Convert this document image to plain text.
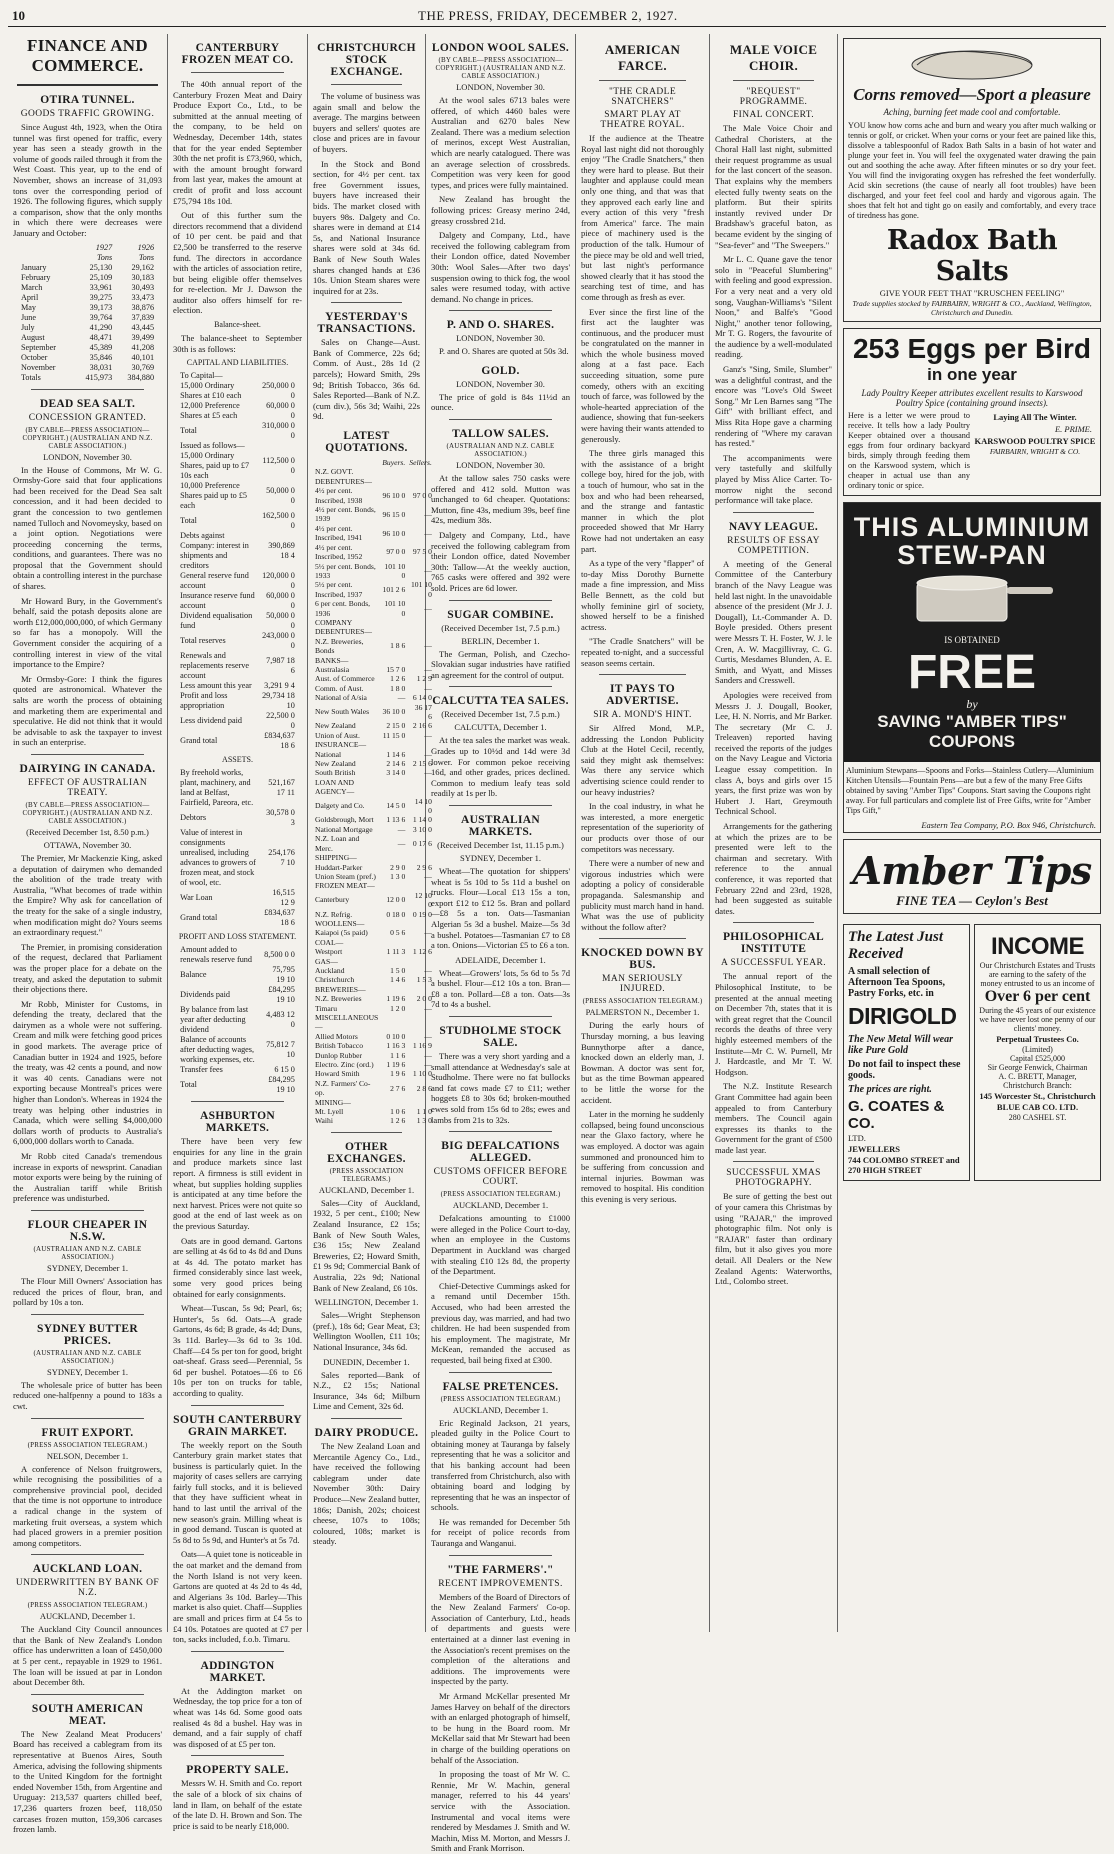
10	THE PRESS, FRIDAY, DECEMBER 2, 1927.
FINANCE AND COMMERCE.
OTIRA TUNNEL.
GOODS TRAFFIC GROWING.

Since August 4th, 1923, when the Otira tunnel was first opened for traffic, every year has seen a steady growth in the volume of goods railed through it from the West Coast. This year, up to the end of November, shows an increase of 31,093 tons over the corresponding period of 1926. The following figures, which supply a comparison, show that the only months in which there were decreases were January and October:

	1927	1926
	Tons	Tons
January	25,130	29,162
February	25,109	30,183
March	33,961	30,493
April	39,275	33,473
May	39,173	38,876
June	39,764	37,839
July	41,290	43,445
August	48,471	39,499
September	45,389	41,208
October	35,846	40,101
November	38,031	30,769
Totals	415,973	384,880
DEAD SEA SALT.
CONCESSION GRANTED.
(BY CABLE—PRESS ASSOCIATION—COPYRIGHT.) (AUSTRALIAN AND N.Z. CABLE ASSOCIATION.)
LONDON, November 30.

In the House of Commons, Mr W. G. Ormsby-Gore said that four applications had been received for the Dead Sea salt concession, and it had been decided to grant the concession to two gentlemen named Tulloch and Novomeysky, based on a joint option. Negotiations were proceeding concerning the terms, conditions, and guarantees. There was no proposal that the Government should obtain a controlling interest in the purchase of shares.

Mr Howard Bury, in the Government's behalf, said the potash deposits alone are worth £12,000,000,000, of which Germany so far has a monopoly. Will the Government consider the acquiring of a controlling interest in view of the vital importance to the Empire?

Mr Ormsby-Gore: I think the figures quoted are astronomical. Whatever the salts are worth the process of obtaining and marketing them are experimental and speculative. He did not think that it would be advisable to ask the taxpayer to invest in such an enterprise.

DAIRYING IN CANADA.
EFFECT OF AUSTRALIAN TREATY.
(BY CABLE—PRESS ASSOCIATION—COPYRIGHT.) (AUSTRALIAN AND N.Z. CABLE ASSOCIATION.)
(Received December 1st, 8.50 p.m.)
OTTAWA, November 30.

The Premier, Mr Mackenzie King, asked a deputation of dairymen who demanded the abolition of the trade treaty with Australia, "What becomes of trade within the Empire? Why ask for cancellation of the treaty for the sake of a single industry, when modification might do? Yours seems an extraordinary request."

The Premier, in promising consideration of the request, declared that Parliament was the proper place for a debate on the treaty, and asked the deputation to submit their objections there.

Mr Robb, Minister for Customs, in defending the treaty, declared that the dairymen as a whole were not suffering. Cream and milk were fetching good prices in good markets. The average price of Canadian butter in 1924 and 1925, before the treaty, was 42 cents a pound, and now it was 40 cents. Canadians were not exporting because Montreal's prices were higher than London's. Whereas in 1924 the treaty was helping other industries in Canada, which were selling $4,000,000 dollars worth of products to Australia's 6,000,000 dollars worth to Canada.

Mr Robb cited Canada's tremendous increase in exports of newsprint. Canadian motor exports were being by the ruining of the Australian tariff while British preference was undisturbed.

FLOUR CHEAPER IN N.S.W.
(AUSTRALIAN AND N.Z. CABLE ASSOCIATION.)
SYDNEY, December 1.

The Flour Mill Owners' Association has reduced the prices of flour, bran, and pollard by 10s a ton.

SYDNEY BUTTER PRICES.
(AUSTRALIAN AND N.Z. CABLE ASSOCIATION.)
SYDNEY, December 1.

The wholesale price of butter has been reduced one-halfpenny a pound to 183s a cwt.

FRUIT EXPORT.
(PRESS ASSOCIATION TELEGRAM.)
NELSON, December 1.

A conference of Nelson fruitgrowers, while recognising the possibilities of a comprehensive provincial pool, decided that the time is not opportune to introduce a radical change in the system of marketing fruit overseas, a system which had placed growers in a premier position among competitors.

AUCKLAND LOAN.
UNDERWRITTEN BY BANK OF N.Z.
(PRESS ASSOCIATION TELEGRAM.)
AUCKLAND, December 1.

The Auckland City Council announces that the Bank of New Zealand's London office has underwritten a loan of £450,000 at 5 per cent., repayable in 1929 to 1961. The loan will be issued at par in London about December 8th.

SOUTH AMERICAN MEAT.

The New Zealand Meat Producers' Board has received a cablegram from its representative at Buenos Aires, South America, advising the following shipments to the United Kingdom for the fortnight ended November 15th, from Argentine and Uruguay: 213,537 quarters chilled beef, 17,236 quarters frozen beef, 118,050 carcases frozen mutton, 159,306 carcases frozen lamb.

CANTERBURY FROZEN MEAT CO.

The 40th annual report of the Canterbury Frozen Meat and Dairy Produce Export Co., Ltd., to be submitted at the annual meeting of the company, to be held on Wednesday, December 14th, states that for the year ended September 30th the net profit is £73,960, which, with the amount brought forward from last year, makes the amount at credit of profit and loss account £75,794 18s 10d.

Out of this further sum the directors recommend that a dividend of 10 per cent. be paid and that £2,500 be transferred to the reserve fund. The directors in accordance with the articles of association retire, but being eligible offer themselves for re-election. Mr J. Dawson the auditor also offers himself for re-election.

Balance-sheet.

The balance-sheet to September 30th is as follows:

CAPITAL AND LIABILITIES.
To Capital—	
15,000 Ordinary Shares at £10 each	250,000 0 0
12,000 Preference Shares at £5 each	60,000 0 0
Total	310,000 0 0
Issued as follows—	
15,000 Ordinary Shares, paid up to £7 10s each	112,500 0 0
10,000 Preference Shares paid up to £5 each	50,000 0 0
Total	162,500 0 0
Debts against Company: interest in shipments and creditors	390,869 18 4
General reserve fund account	120,000 0 0
Insurance reserve fund account	60,000 0 0
Dividend equalisation fund	50,000 0 0
Total reserves	243,000 0 0
Renewals and replacements reserve account	7,987 18 6
Less amount this year	3,291 9 4
Profit and loss appropriation	29,734 18 10
Less dividend paid	22,500 0 0
Grand total	£834,637 18 6
ASSETS.
By freehold works, plant, machinery, and land at Belfast, Fairfield, Pareora, etc.	521,167 17 11
Debtors	30,578 0 3
Value of interest in consignments unrealised, including advances to growers of frozen meat, and stock of wool, etc.	254,176 7 10
War Loan	16,515 12 9
Grand total	£834,637 18 6
PROFIT AND LOSS STATEMENT.
Amount added to renewals reserve fund	8,500 0 0
Balance	75,795 19 10
Dividends paid	£84,295 19 10
By balance from last year after deducting dividend	4,483 12 0
Balance of accounts after deducting wages, working expenses, etc.	75,812 7 10
Transfer fees	6 15 0
Total	£84,295 19 10
ASHBURTON MARKETS.

There have been very few enquiries for any line in the grain and produce markets since last report. A firmness is still evident in wheat, but supplies holding supplies is anticipated at any time before the next harvest. Prices were not quite so good at the end of last week as on the previous Saturday.

Oats are in good demand. Gartons are selling at 4s 6d to 4s 8d and Duns at 4s 4d. The potato market has firmed considerably since last week, some very good prices being obtained for early consignments.

Wheat—Tuscan, 5s 9d; Pearl, 6s; Hunter's, 5s 6d. Oats—A grade Gartons, 4s 6d; B grade, 4s 4d; Duns, 3s 11d. Barley—3s 6d to 3s 10d. Chaff—£4 5s per ton for good, bright oat-sheaf. Grass seed—Perennial, 5s 6d per bushel. Potatoes—£6 to £6 10s per ton on trucks for table, according to quality.

SOUTH CANTERBURY GRAIN MARKET.

The weekly report on the South Canterbury grain market states that business is particularly quiet. In the majority of cases sellers are carrying fairly full stocks, and it is believed that they have sufficient wheat in hand to last until the arrival of the new season's grain. Milling wheat is in good demand. Tuscan is quoted at 5s 8d to 5s 9d, and Hunter's at 5s 7d.

Oats—A quiet tone is noticeable in the oat market and the demand from the North Island is not very keen. Gartons are quoted at 4s 2d to 4s 4d, and Algerians 3s 10d. Barley—This market is also quiet. Chaff—Supplies are small and prices firm at £4 5s to £4 10s. Potatoes are quoted at £7 per ton, sacks included, f.o.b. Timaru.

ADDINGTON MARKET.

At the Addington market on Wednesday, the top price for a ton of wheat was 14s 6d. Some good oats realised 4s 8d a bushel. Hay was in demand, and a fair supply of chaff was disposed of at £5 per ton.

PROPERTY SALE.

Messrs W. H. Smith and Co. report the sale of a block of six chains of land in Ilam, on behalf of the estate of the late D. H. Brown and Son. The price is said to be nearly £18,000.

CHRISTCHURCH STOCK EXCHANGE.

The volume of business was again small and below the average. The margins between buyers and sellers' quotes are close and prices are in favour of buyers.

In the Stock and Bond section, for 4½ per cent. tax free Government issues, buyers have increased their bids. The market closed with buyers 98s. Dalgety and Co. shares were in demand at £14 5s, and National Insurance shares were sold at 34s 6d. Bank of New South Wales shares changed hands at £36 10s. Union Steam shares were inquired for at 23s.

YESTERDAY'S TRANSACTIONS.

Sales on Change—Aust. Bank of Commerce, 22s 6d; Comm. of Aust., 28s 1d (2 parcels); Howard Smith, 29s 9d; British Tobacco, 36s 6d. Sales Reported—Bank of N.Z. (cum div.), 56s 3d; Waihi, 22s 9d.

LATEST QUOTATIONS.
	Buyers.	Sellers.
N.Z. GOVT. DEBENTURES—		
4½ per cent. Inscribed, 1938	96 10 0	97 0 0
4½ per cent. Bonds, 1939	96 15 0	—
4½ per cent. Inscribed, 1941	96 10 0	—
4½ per cent. Inscribed, 1952	97 0 0	97 5 0
5½ per cent. Bonds, 1933	101 10 0	—
5½ per cent. Inscribed, 1937	101 2 6	101 10 0
6 per cent. Bonds, 1936	101 10 0	—
COMPANY DEBENTURES—		
N.Z. Breweries, Bonds	1 8 6	—
BANKS—		
Australasia	15 7 0	—
Aust. of Commerce	1 2 6	1 2 9
Comm. of Aust.	1 8 0	—
National of A/sia	—	6 14 0
New South Wales	36 10 0	36 17 6
New Zealand	2 15 0	2 16 6
Union of Aust.	11 15 0	—
INSURANCE—		
National	1 14 6	—
New Zealand	2 14 6	2 15 6
South British	3 14 0	—
LOAN AND AGENCY—		
Dalgety and Co.	14 5 0	14 10 0
Goldsbrough, Mort	1 13 6	1 14 0
National Mortgage	—	3 10 0
N.Z. Loan and Merc.	—	0 17 6
SHIPPING—		
Huddart-Parker	2 9 0	2 9 6
Union Steam (pref.)	1 3 0	—
FROZEN MEAT—		
Canterbury	12 0 0	12 10 0
N.Z. Refrig.	0 18 0	0 19 0
WOOLLENS—		
Kaiapoi (5s paid)	0 5 6	—
COAL—		
Westport	1 11 3	1 12 6
GAS—		
Auckland	1 5 0	—
Christchurch	1 4 6	1 5 3
BREWERIES—		
N.Z. Breweries	1 19 6	2 0 0
Timaru	1 2 0	—
MISCELLANEOUS—		
Allied Motors	0 10 0	—
British Tobacco	1 16 3	1 16 9
Dunlop Rubber	1 1 6	—
Electro. Zinc (ord.)	1 19 6	—
Howard Smith	1 9 6	1 10 0
N.Z. Farmers' Co-op.	2 7 6	2 8 6
MINING—		
Mt. Lyell	1 0 6	1 1 0
Waihi	1 2 6	1 3 0
OTHER EXCHANGES.
(PRESS ASSOCIATION TELEGRAMS.)
AUCKLAND, December 1.

Sales—City of Auckland, 1932, 5 per cent., £100; New Zealand Insurance, £2 15s; Bank of New South Wales, £36 15s; New Zealand Breweries, £2; Howard Smith, £1 9s 9d; Commercial Bank of Australia, 22s 9d; National Bank of New Zealand, £6 10s.

WELLINGTON, December 1.

Sales—Wright Stephenson (pref.), 18s 6d; Gear Meat, £3; Wellington Woollen, £11 10s; National Insurance, 34s 6d.

DUNEDIN, December 1.

Sales reported—Bank of N.Z., £2 15s; National Insurance, 34s 6d; Milburn Lime and Cement, 32s 6d.

DAIRY PRODUCE.

The New Zealand Loan and Mercantile Agency Co., Ltd., have received the following cablegram under date November 30th: Dairy Produce—New Zealand butter, 186s; Danish, 202s; choicest cheese, 107s to 108s; coloured, 108s; market is steady.

LONDON WOOL SALES.
(BY CABLE—PRESS ASSOCIATION—COPYRIGHT.) (AUSTRALIAN AND N.Z. CABLE ASSOCIATION.)
LONDON, November 30.

At the wool sales 6713 bales were offered, of which 4460 bales were Australian and 6270 bales New Zealand. There was a medium selection of merinos, except West Australian, which are nearly catalogued. There was an average selection of crossbreds. Competition was very keen for good types, and prices were fully maintained.

New Zealand has brought the following prices: Greasy merino 24d, greasy crossbred 21d.

Dalgety and Company, Ltd., have received the following cablegram from their London office, dated November 30th: Wool Sales—After two days' suspension owing to thick fog, the wool sales were resumed today, with active demand. No change in prices.

P. AND O. SHARES.
LONDON, November 30.

P. and O. Shares are quoted at 50s 3d.

GOLD.
LONDON, November 30.

The price of gold is 84s 11½d an ounce.

TALLOW SALES.
(AUSTRALIAN AND N.Z. CABLE ASSOCIATION.)
LONDON, November 30.

At the tallow sales 750 casks were offered and 412 sold. Mutton was unchanged to 6d cheaper. Quotations: Mutton, fine 43s, medium 39s, beef fine 42s, medium 38s.

Dalgety and Company, Ltd., have received the following cablegram from their London office, dated November 30th: Tallow—At the weekly auction, 765 casks were offered and 392 were sold. Prices are 6d lower.

SUGAR COMBINE.
(Received December 1st, 7.5 p.m.)
BERLIN, December 1.

The German, Polish, and Czecho-Slovakian sugar industries have ratified an agreement for the control of output.

CALCUTTA TEA SALES.
(Received December 1st, 7.5 p.m.)
CALCUTTA, December 1.

At the tea sales the market was weak. Grades up to 10½d and 14d were 3d lower. For common pekoe receiving 16d, and other grades, prices declined. Common to medium leafy teas sold readily at 1s per lb.

AUSTRALIAN MARKETS.
(Received December 1st, 11.15 p.m.)
SYDNEY, December 1.

Wheat—The quotation for shippers' wheat is 5s 10d to 5s 11d a bushel on trucks. Flour—Local £13 15s a ton, export £12 to £12 5s. Bran and pollard—£8 5s a ton. Oats—Tasmanian Algerian 5s 3d a bushel. Maize—5s 3d a bushel. Potatoes—Tasmanian £7 to £8 a ton. Onions—Victorian £5 to £6 a ton.

ADELAIDE, December 1.

Wheat—Growers' lots, 5s 6d to 5s 7d a bushel. Flour—£12 10s a ton. Bran—£8 a ton. Pollard—£8 a ton. Oats—3s 7d to 4s a bushel.

STUDHOLME STOCK SALE.

There was a very short yarding and a small attendance at Wednesday's sale at Studholme. There were no fat bullocks and fat cows made £7 to £11; wether hoggets £8 to 30s 6d; broken-mouthed ewes sold from 15s 6d to 28s; ewes and lambs from 21s to 32s.

BIG DEFALCATIONS ALLEGED.
CUSTOMS OFFICER BEFORE COURT.
(PRESS ASSOCIATION TELEGRAM.)
AUCKLAND, December 1.

Defalcations amounting to £1000 were alleged in the Police Court to-day, when an employee in the Customs Department in Auckland was charged with stealing £10 12s 8d, the property of the Department.

Chief-Detective Cummings asked for a remand until December 15th. Accused, who had been arrested the previous day, was married, and had two children. He had been suspended from his employment. The magistrate, Mr McKean, remanded the accused as requested, bail being fixed at £300.

FALSE PRETENCES.
(PRESS ASSOCIATION TELEGRAM.)
AUCKLAND, December 1.

Eric Reginald Jackson, 21 years, pleaded guilty in the Police Court to obtaining money at Tauranga by falsely representing that he was a solicitor and that his banking account had been transferred from Christchurch, also with obtaining board and lodging by representing that he was an inspector of schools.

He was remanded for December 5th for receipt of police records from Tauranga and Wanganui.

"THE FARMERS'."
RECENT IMPROVEMENTS.

Members of the Board of Directors of the New Zealand Farmers' Co-op. Association of Canterbury, Ltd., heads of departments and guests were entertained at a dinner last evening in the Association's recent premises on the completion of the alterations and additions. The improvements were inspected by the party.

Mr Armand McKellar presented Mr James Harvey on behalf of the directors with an enlarged photograph of himself, to be hung in the Board room. Mr McKellar said that Mr Stewart had been in charge of the building operations on behalf of the Association.

In proposing the toast of Mr W. C. Rennie, Mr W. Machin, general manager, referred to his 44 years' service with the Association. Instrumental and vocal items were rendered by Mesdames J. Smith and W. Machin, Miss M. Morton, and Messrs J. Smith and Frank Morrison.

AMERICAN FARCE.
"THE CRADLE SNATCHERS"
SMART PLAY AT THEATRE ROYAL.

If the audience at the Theatre Royal last night did not thoroughly enjoy "The Cradle Snatchers," then they were hard to please. But their laughter and applause could mean only one thing, and that was that they approved each early line and every action of this very "fresh from America" farce. The main piece of machinery used is the production of the talk. Humour of the piece may be old and well tried, but last night's performance showed clearly that it has stood the searching test of time, and has come through as fresh as ever.

Ever since the first line of the first act the laughter was continuous, and the producer must be congratulated on the manner in which the whole business moved along at a fast pace. Each succeeding situation, some pure comedy, others with an exciting touch of farce, was followed by the whole-hearted appreciation of the audience, showing that fun-seekers were having their wants attended to generously.

The three girls managed this with the assistance of a bright college boy, hired for the job, with a touch of humour, who sat in the box and who had been rehearsed, and the strange and fantastic manner in which the plot proceeded showed that Mr Harry Rowe had not undertaken an easy part.

As a type of the very "flapper" of to-day Miss Dorothy Burnette made a fine impression, and Miss Belle Bennett, as the cold but wholly feminine girl of society, showed herself to be a finished actress.

"The Cradle Snatchers" will be repeated to-night, and a successful season seems certain.

IT PAYS TO ADVERTISE.
SIR A. MOND'S HINT.

Sir Alfred Mond, M.P., addressing the London Publicity Club at the Hotel Cecil, recently, said they might ask themselves: Was there any service which advertising science could render to our heavy industries?

In the coal industry, in what he was interested, a more energetic representation of the superiority of our products over those of our competitors was necessary.

There were a number of new and vigorous industries which were adopting a policy of considerable propaganda. Salesmanship and publicity must march hand in hand. What was the use of publicity without the follow after?

KNOCKED DOWN BY BUS.
MAN SERIOUSLY INJURED.
(PRESS ASSOCIATION TELEGRAM.)
PALMERSTON N., December 1.

During the early hours of Thursday morning, a bus leaving Bunnythorpe after a dance, knocked down an elderly man, J. Bowman. A doctor was sent for, but as the time Bowman appeared to be little the worse for the accident.

Later in the morning he suddenly collapsed, being found unconscious near the Glaxo factory, where he was employed. A doctor was again summoned and pronounced him to be suffering from concussion and internal injuries. Bowman was removed to hospital. His condition this evening is very serious.

MALE VOICE CHOIR.
"REQUEST" PROGRAMME.
FINAL CONCERT.

The Male Voice Choir and Cathedral Choristers, at the Choral Hall last night, submitted their request programme as usual for the last concert of the season. That explains why the members elected fully twenty seats on the platform. But their spirits instantly revived under Dr Bradshaw's graceful baton, as became evident by the singing of "Sea-fever" and "The Sweepers."

Mr L. C. Quane gave the tenor solo in "Peaceful Slumbering" with feeling and good expression. For a very neat and a very old song, Vaughan-Williams's "Silent Noon," and Balfe's "Good Night," another tenor following, Mr T. G. Rogers, the favourite of the audience by a well-modulated reading.

Ganz's "Sing, Smile, Slumber" was a delightful contrast, and the encore was "Love's Old Sweet Song." Mr Len Barnes sang "The Gift" with brilliant effect, and Miss Rita Hope gave a charming rendering of "Where my caravan has rested."

The accompaniments were very tastefully and skilfully played by Miss Alice Carter. To-morrow night the second performance will take place.

NAVY LEAGUE.
RESULTS OF ESSAY COMPETITION.

A meeting of the General Committee of the Canterbury branch of the Navy League was held last night. In the unavoidable absence of the president (Mr J. J. Dougall), Lt.-Commander A. D. Boyle presided. Others present were Messrs T. H. Foster, W. J. le Cren, A. W. Macgillivray, C. G. Curtis, Mesdames Blunden, A. E. Smith, and Wyatt, and Misses Sanders and Cresswell.

Apologies were received from Messrs J. J. Dougall, Booker, Lee, H. N. Norris, and Mr Barker. The secretary (Mr C. J. Treleaven) reported having received the reports of the judges on the Navy League and Victoria League essay competition. In class A, boys and girls over 15 years, the first prize was won by Hubert J. Hart, Greymouth Technical School.

Arrangements for the gathering at which the prizes are to be presented were left to the chairman and secretary. With reference to the annual conference, it was reported that February 22nd and 23rd, 1928, had been suggested as suitable dates.

PHILOSOPHICAL INSTITUTE
A SUCCESSFUL YEAR.

The annual report of the Philosophical Institute, to be presented at the annual meeting on December 7th, states that it is with great regret that the Council records the deaths of three very highly esteemed members of the Institute—Mr C. W. Purnell, Mr J. Hardcastle, and Mr T. W. Hodgson.

The N.Z. Institute Research Grant Committee had again been appealed to from Canterbury members. The Council again expresses its thanks to the Government for the grant of £500 made last year.

SUCCESSFUL XMAS PHOTOGRAPHY.

Be sure of getting the best out of your camera this Christmas by using "RAJAR," the improved photographic film. Not only is "RAJAR" faster than ordinary film, but it also gives you more detail. All Dealers or the New Zealand Agents: Waterworths, Ltd., Colombo street.

Corns removed—Sport a pleasure
Aching, burning feet made cool and comfortable.
YOU know how corns ache and burn and weary you after much walking or tennis or golf, or cricket. When your corns or your feet are pained like this, dissolve a tablespoonful of Radox Bath Salts in a basin of hot water and plunge your feet in. You will feel the oxygenated water drawing the pain out and soothing the ache away. After fifteen minutes or so dry your feet. You will find the invigorating oxygen has refreshed the feet wonderfully. Acid skin secretions (the cause of nearly all foot troubles) have been discharged, and your feet feel cool and hardy and vigorous again. The shoes that felt hot and tight go on easily and comfortably, and every trace of tiredness has gone.
Radox Bath Salts
GIVE YOUR FEET THAT "KRUSCHEN FEELING"
Trade supplies stocked by FAIRBAIRN, WRIGHT & CO., Auckland, Wellington, Christchurch and Dunedin.
253 Eggs per Bird
in one year
Lady Poultry Keeper attributes excellent results to Karswood Poultry Spice (containing ground insects).
Here is a letter we were proud to receive. It tells how a lady Poultry Keeper obtained over a thousand eggs from four ordinary backyard birds, simply through feeding them on the Karswood system, which is cheaper in actual use than any ordinary tonic or spice.
Laying All The Winter.
E. PRIME.
KARSWOOD POULTRY SPICE
FAIRBAIRN, WRIGHT & CO.
THIS ALUMINIUM STEW-PAN
IS OBTAINED
FREE
by
SAVING "AMBER TIPS" COUPONS
Aluminium Stewpans—Spoons and Forks—Stainless Cutlery—Aluminium Kitchen Utensils—Fountain Pens—are but a few of the many Free Gifts obtained by saving "Amber Tips" Coupons. Start saving the Coupons right away. For full particulars and complete list of Free Gifts, write for "Amber Tips Gift,"
Eastern Tea Company, P.O. Box 946, Christchurch.
Amber Tips
FINE TEA — Ceylon's Best
The Latest Just Received
A small selection of Afternoon Tea Spoons, Pastry Forks, etc. in
DIRIGOLD
The New Metal Will wear like Pure Gold
Do not fail to inspect these goods.
The prices are right.
G. COATES & CO.
LTD.
JEWELLERS
744 COLOMBO STREET and 270 HIGH STREET
INCOME
Our Christchurch Estates and Trusts are earning to the safety of the money entrusted to us an income of
Over 6 per cent
During the 45 years of our existence we have never lost one penny of our clients' money.
Perpetual Trustees Co.
(Limited)
Capital £525,000
Sir George Fenwick, Chairman
A. C. BRETT, Manager, Christchurch Branch:
145 Worcester St., Christchurch
BLUE CAB CO. LTD.
280 CASHEL ST.
